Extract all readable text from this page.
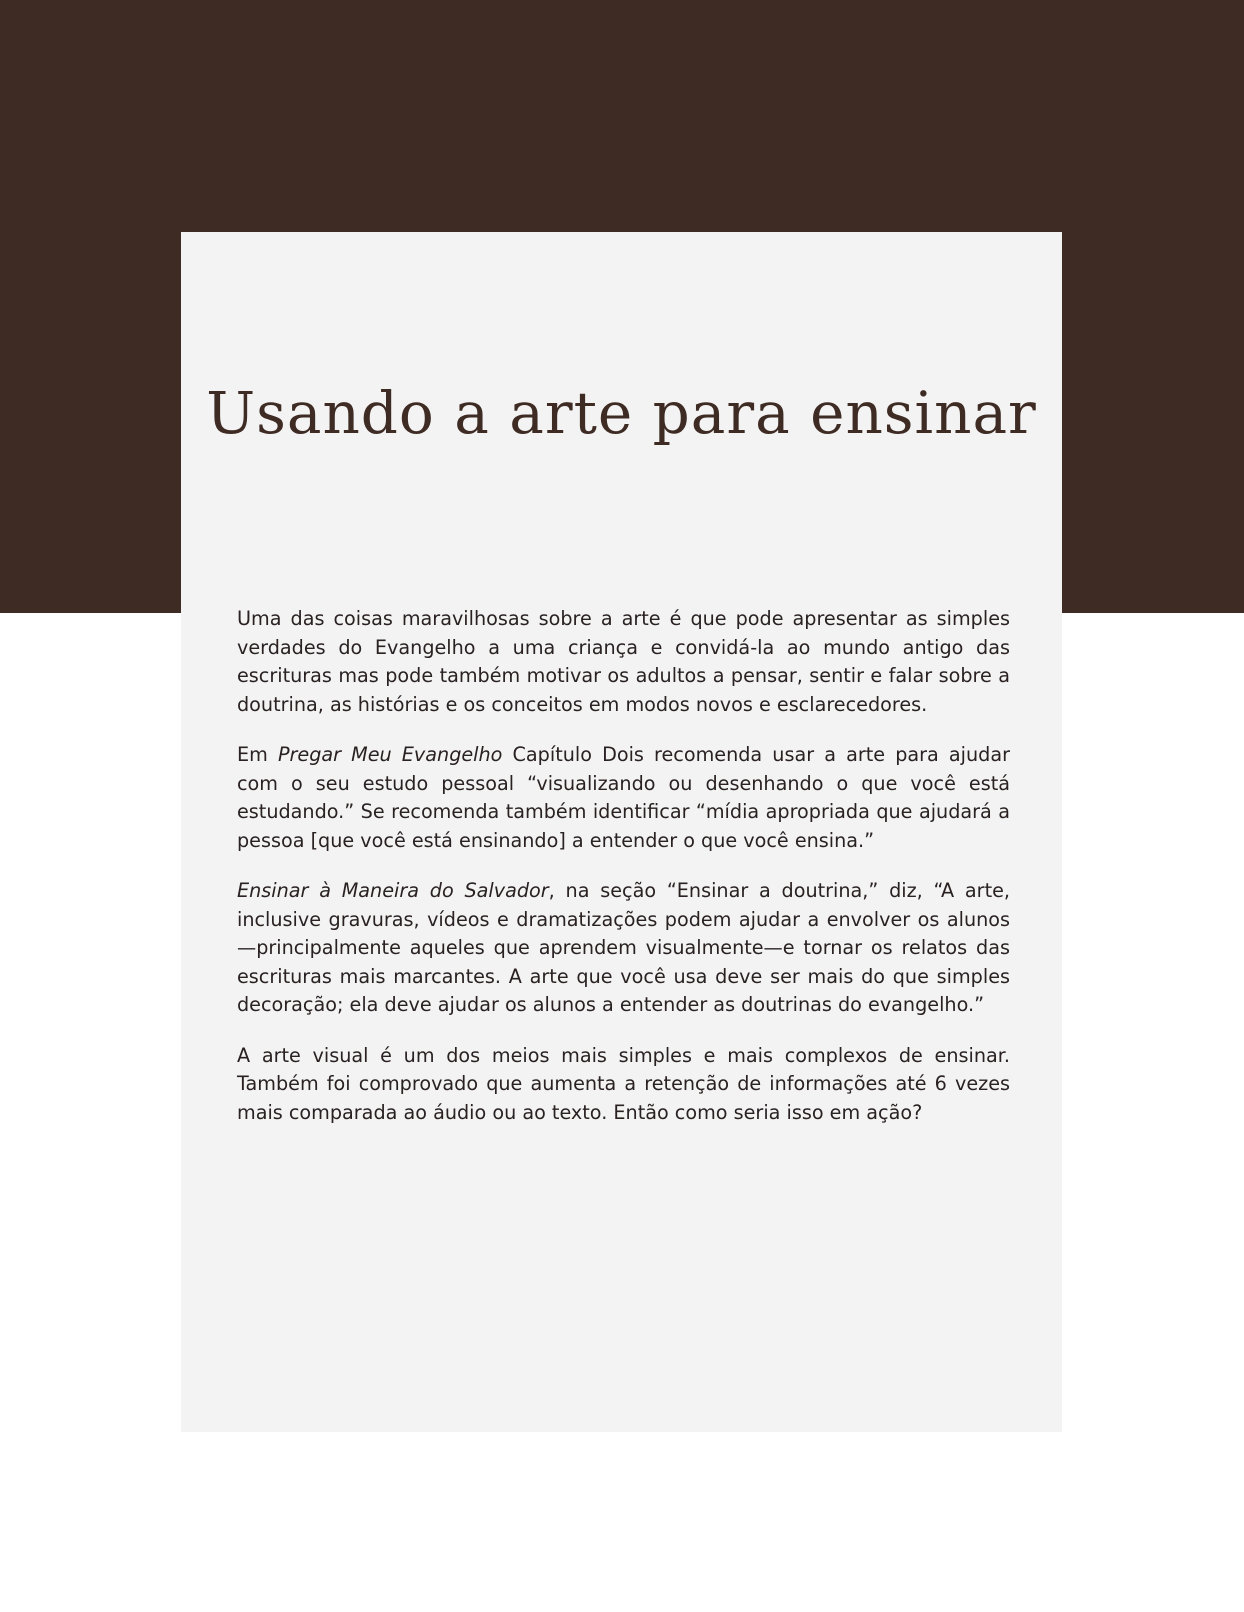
Usando a arte para ensinar

Uma das coisas maravilhosas sobre a arte é que pode apresentar as simples verdades do Evangelho a uma criança e convidá-la ao mundo antigo das escrituras mas pode também motivar os adultos a pensar, sentir e falar sobre a doutrina, as histórias e os conceitos em modos novos e esclarecedores.

Em Pregar Meu Evangelho Capítulo Dois recomenda usar a arte para ajudar com o seu estudo pessoal “visualizando ou desenhando o que você está estudando.” Se recomenda também identificar “mídia apropriada que ajudará a pessoa [que você está ensinando] a entender o que você ensina.”

Ensinar à Maneira do Salvador, na seção “Ensinar a doutrina,” diz, “A arte, inclusive gravuras, vídeos e dramatizações podem ajudar a envolver os alunos—principalmente aqueles que aprendem visualmente—e tornar os relatos das escrituras mais marcantes. A arte que você usa deve ser mais do que simples decoração; ela deve ajudar os alunos a entender as doutrinas do evangelho.”

A arte visual é um dos meios mais simples e mais complexos de ensinar. Também foi comprovado que aumenta a retenção de informações até 6 vezes mais comparada ao áudio ou ao texto. Então como seria isso em ação?
